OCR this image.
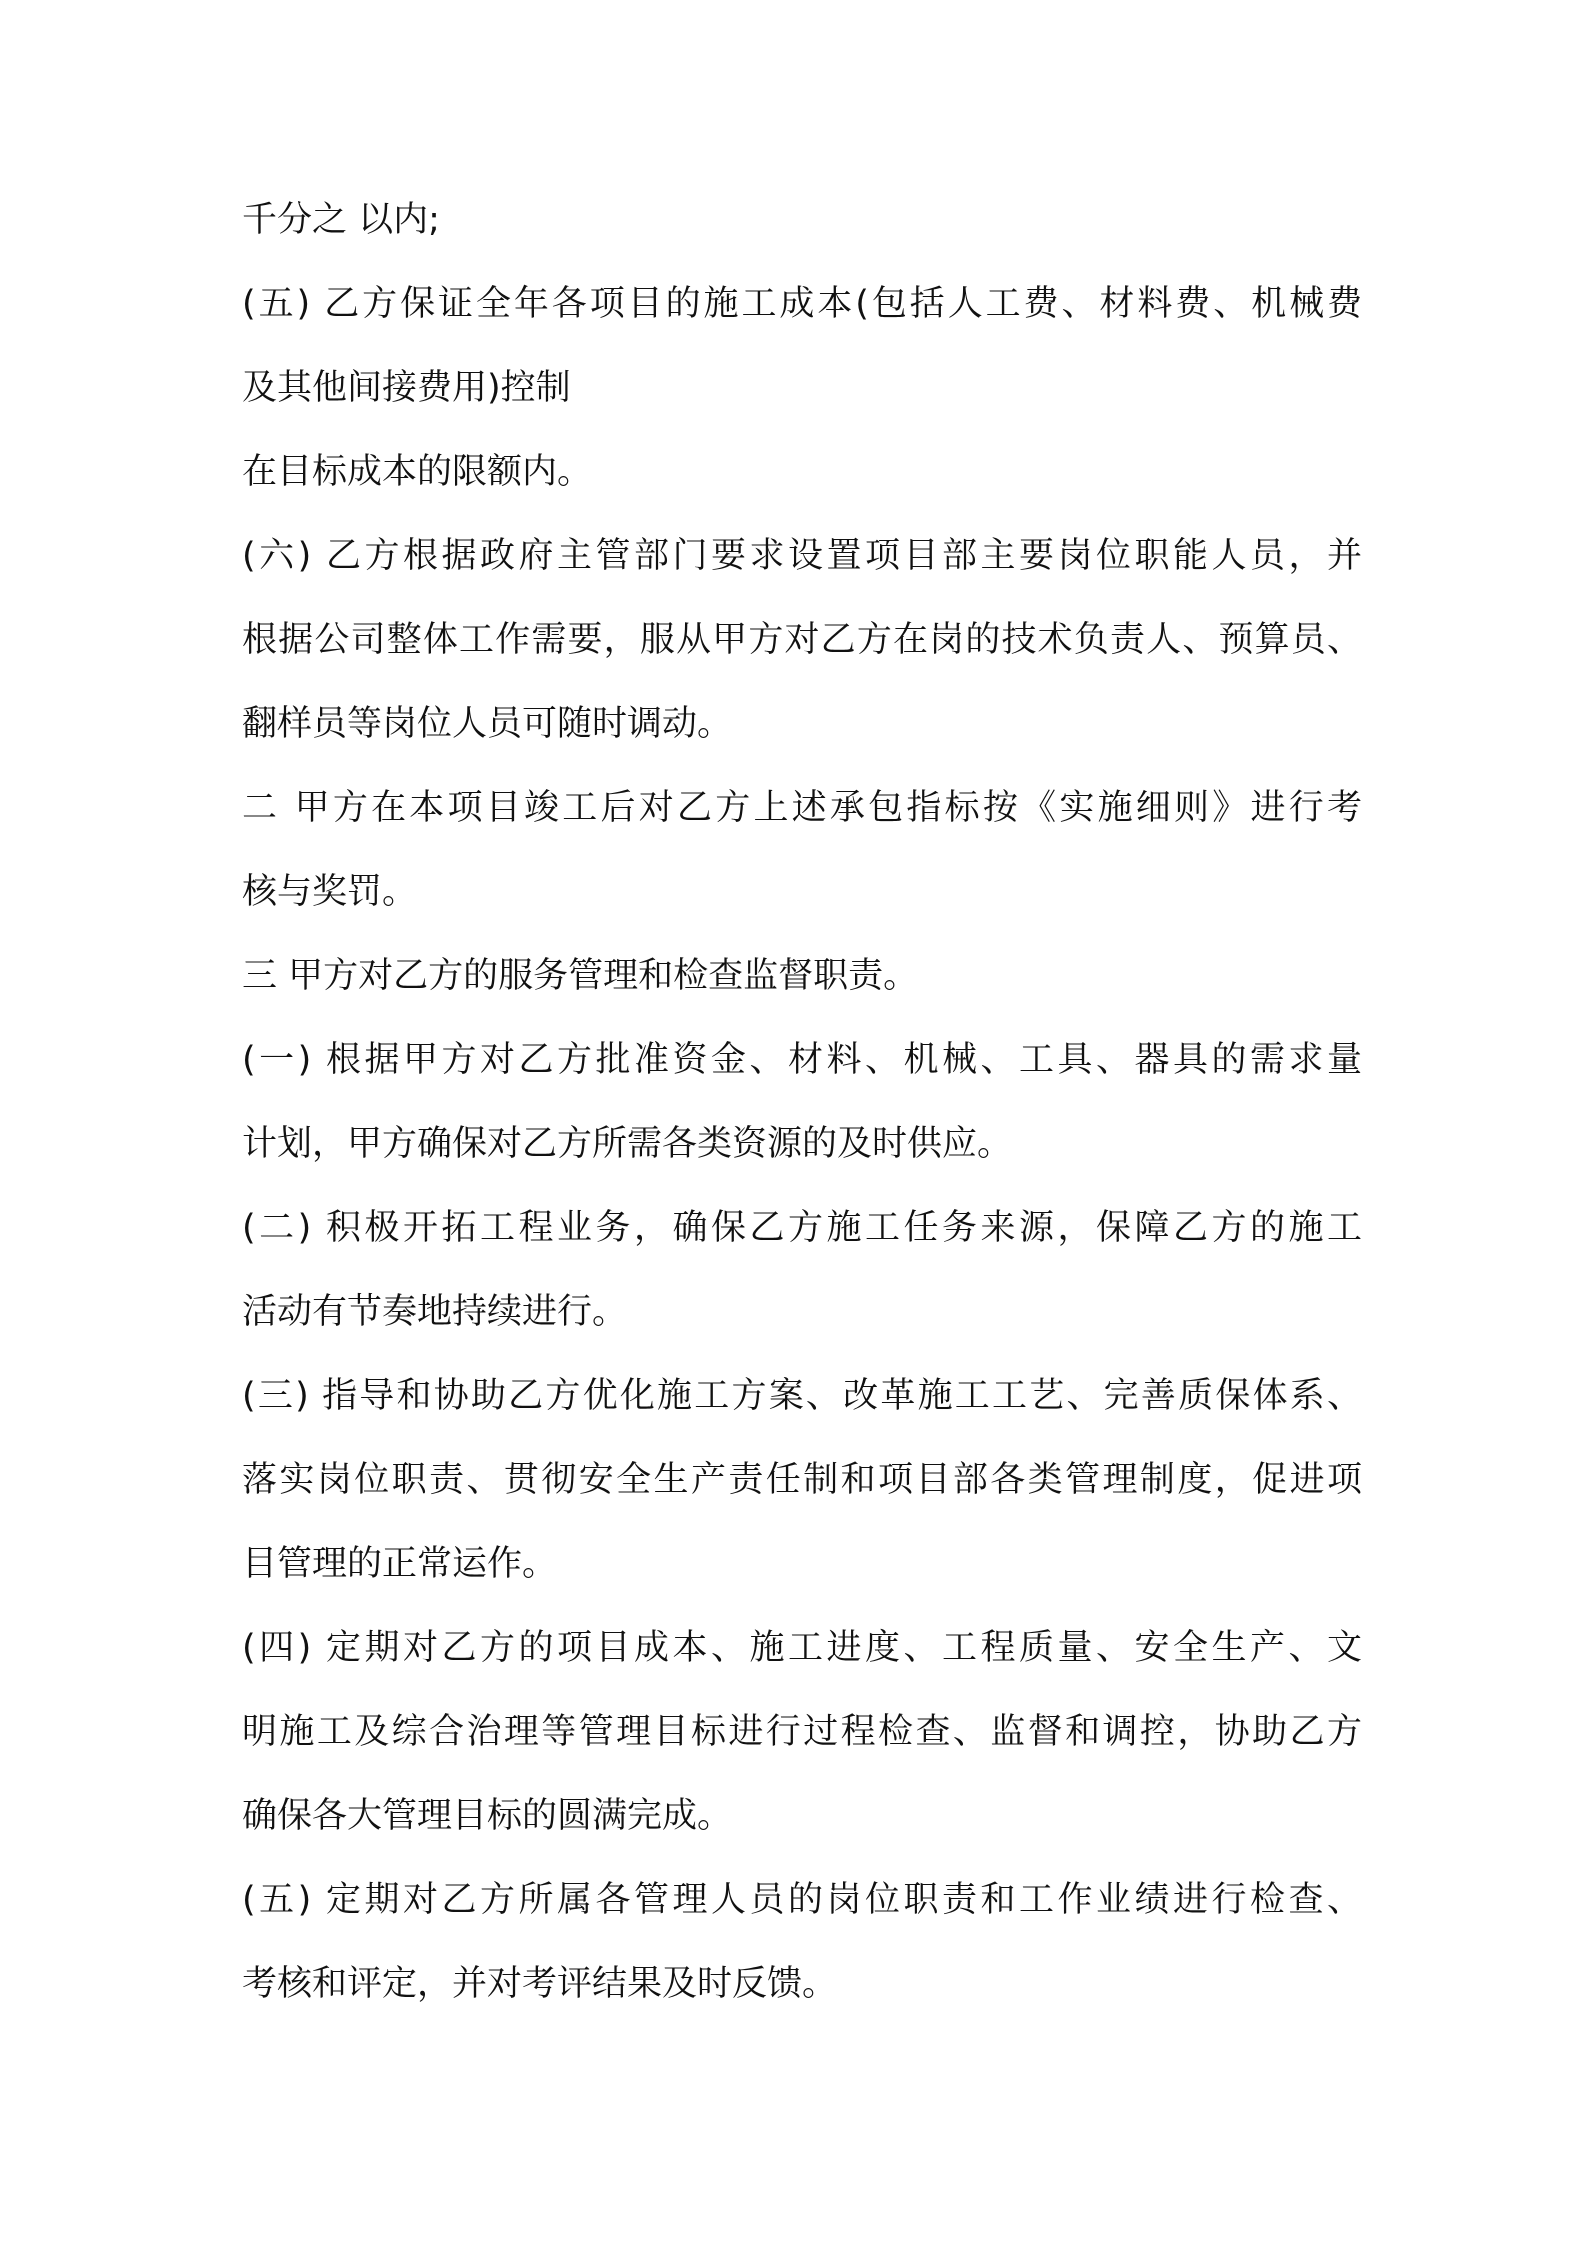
千分之 以内;
(五) 乙方保证全年各项目的施工成本(包括人工费、材料费、机械费
及其他间接费用)控制
在目标成本的限额内。
(六) 乙方根据政府主管部门要求设置项目部主要岗位职能人员，并
根据公司整体工作需要，服从甲方对乙方在岗的技术负责人、预算员、
翻样员等岗位人员可随时调动。
二 甲方在本项目竣工后对乙方上述承包指标按《实施细则》进行考
核与奖罚。
三 甲方对乙方的服务管理和检查监督职责。
(一) 根据甲方对乙方批准资金、材料、机械、工具、器具的需求量
计划，甲方确保对乙方所需各类资源的及时供应。
(二) 积极开拓工程业务，确保乙方施工任务来源，保障乙方的施工
活动有节奏地持续进行。
(三) 指导和协助乙方优化施工方案、改革施工工艺、完善质保体系、
落实岗位职责、贯彻安全生产责任制和项目部各类管理制度，促进项
目管理的正常运作。
(四) 定期对乙方的项目成本、施工进度、工程质量、安全生产、文
明施工及综合治理等管理目标进行过程检查、监督和调控，协助乙方
确保各大管理目标的圆满完成。
(五) 定期对乙方所属各管理人员的岗位职责和工作业绩进行检查、
考核和评定，并对考评结果及时反馈。
